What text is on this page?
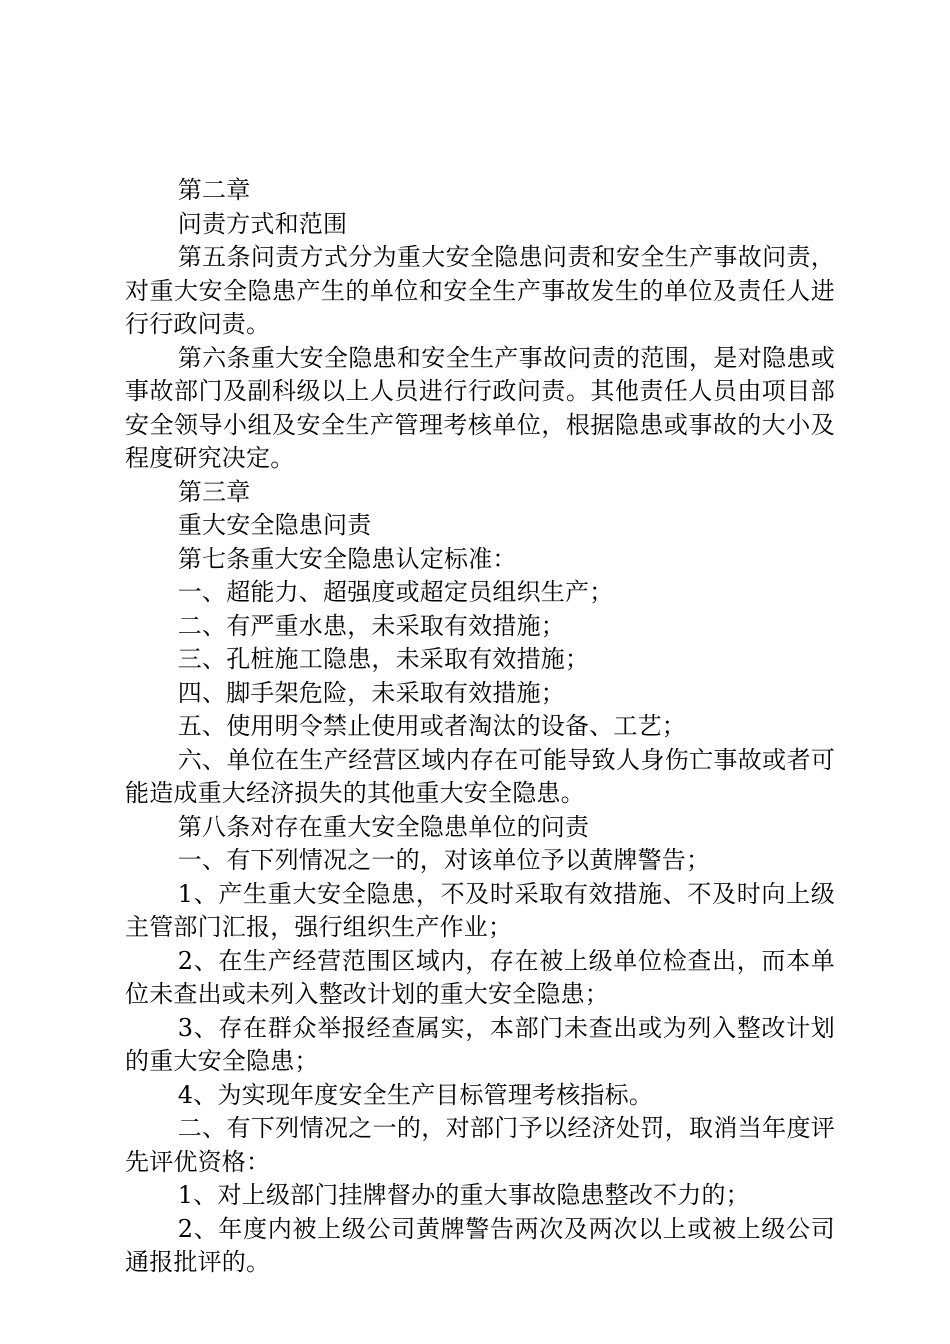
第二章

问责方式和范围

第五条问责方式分为重大安全隐患问责和安全生产事故问责，对重大安全隐患产生的单位和安全生产事故发生的单位及责任人进行行政问责。

第六条重大安全隐患和安全生产事故问责的范围，是对隐患或事故部门及副科级以上人员进行行政问责。其他责任人员由项目部安全领导小组及安全生产管理考核单位，根据隐患或事故的大小及程度研究决定。

第三章

重大安全隐患问责

第七条重大安全隐患认定标准：

一、超能力、超强度或超定员组织生产；

二、有严重水患，未采取有效措施；

三、孔桩施工隐患，未采取有效措施；

四、脚手架危险，未采取有效措施；

五、使用明令禁止使用或者淘汰的设备、工艺；

六、单位在生产经营区域内存在可能导致人身伤亡事故或者可能造成重大经济损失的其他重大安全隐患。

第八条对存在重大安全隐患单位的问责

一、有下列情况之一的，对该单位予以黄牌警告；

1、产生重大安全隐患，不及时采取有效措施、不及时向上级主管部门汇报，强行组织生产作业；

2、在生产经营范围区域内，存在被上级单位检查出，而本单位未查出或未列入整改计划的重大安全隐患；

3、存在群众举报经查属实，本部门未查出或为列入整改计划的重大安全隐患；

4、为实现年度安全生产目标管理考核指标。

二、有下列情况之一的，对部门予以经济处罚，取消当年度评先评优资格：

1、对上级部门挂牌督办的重大事故隐患整改不力的；

2、年度内被上级公司黄牌警告两次及两次以上或被上级公司通报批评的。
